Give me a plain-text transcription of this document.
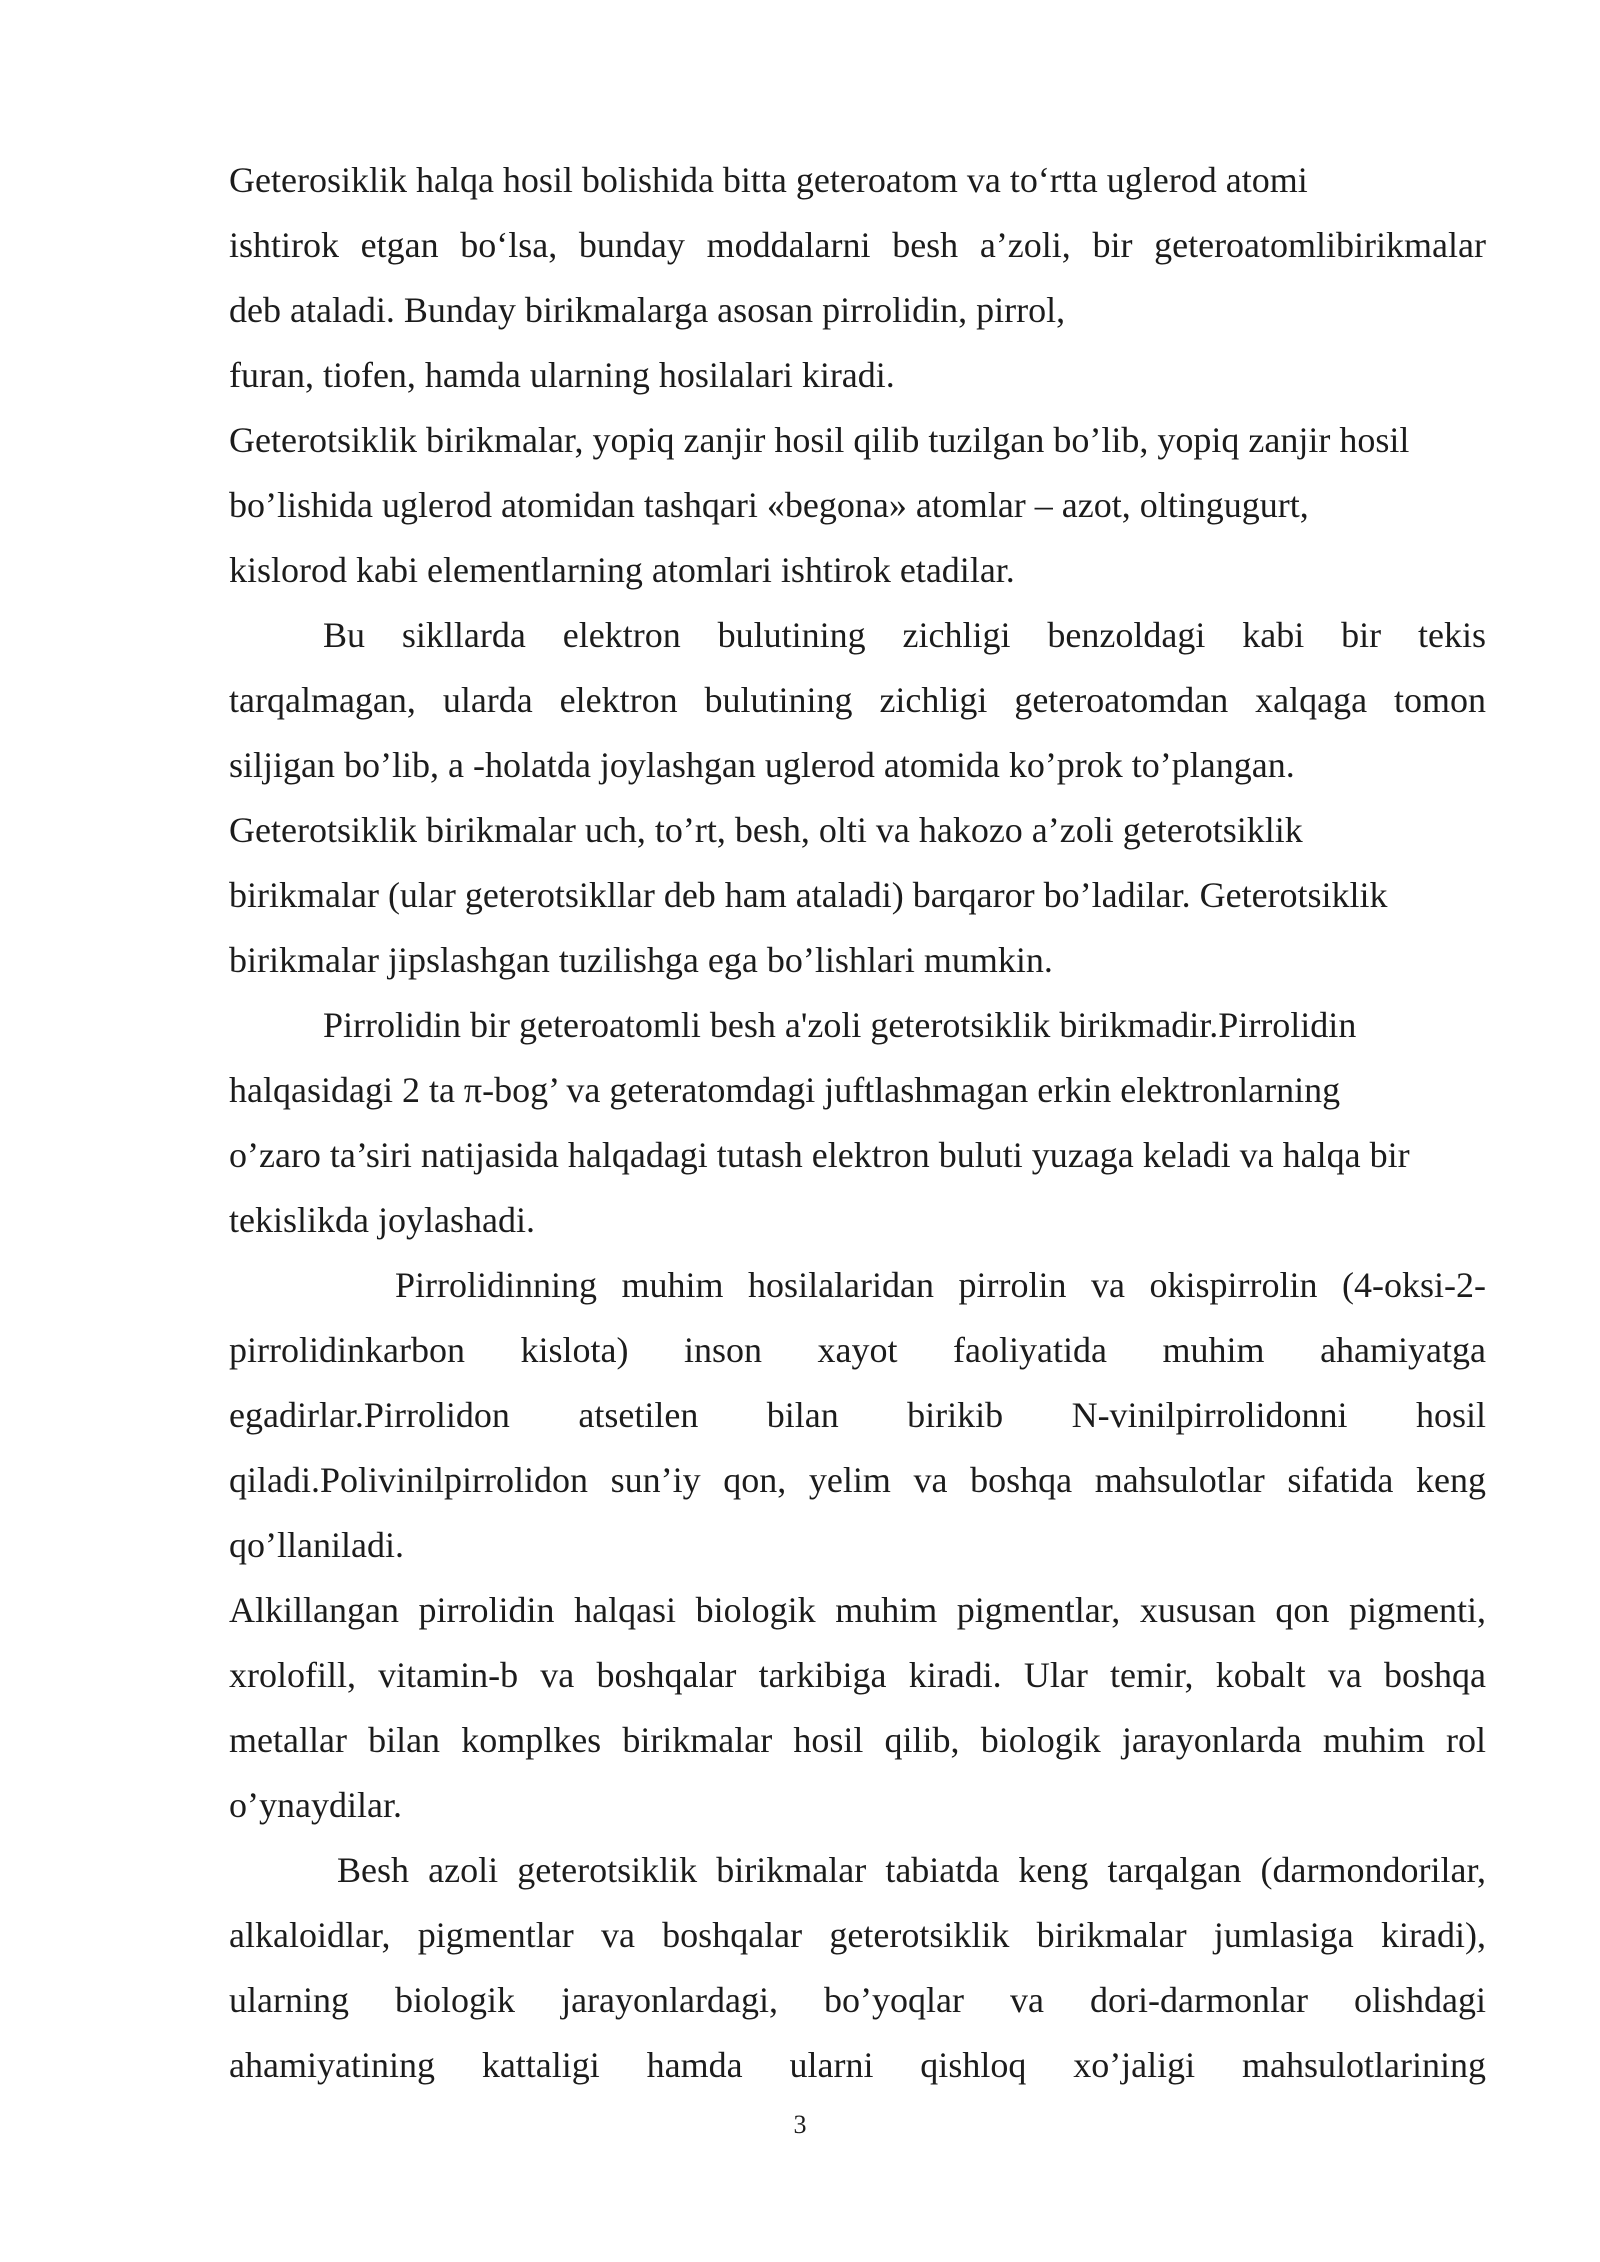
Geterosiklik halqa hosil bolishida bitta geteroatom va to‘rtta uglerod atomi
ishtirok etgan bo‘lsa, bunday moddalarni besh a’zoli, bir geteroatomlibirikmalar
deb ataladi. Bunday birikmalarga asosan pirrolidin, pirrol,
furan, tiofen, hamda ularning hosilalari kiradi.

Geterotsiklik birikmalar, yopiq zanjir hosil qilib tuzilgan bo’lib, yopiq zanjir hosil
bo’lishida uglerod atomidan tashqari «begona» atomlar – azot, oltingugurt,
kislorod kabi elementlarning atomlari ishtirok etadilar.

Bu sikllarda elektron bulutining zichligi benzoldagi kabi bir tekis
tarqalmagan, ularda elektron bulutining zichligi geteroatomdan xalqaga tomon
siljigan bo’lib, a -holatda joylashgan uglerod atomida ko’prok to’plangan.

Geterotsiklik birikmalar uch, to’rt, besh, olti va hakozo a’zoli geterotsiklik
birikmalar (ular geterotsikllar deb ham ataladi) barqaror bo’ladilar. Geterotsiklik
birikmalar jipslashgan tuzilishga ega bo’lishlari mumkin.

Pirrolidin bir geteroatomli besh a'zoli geterotsiklik birikmadir.Pirrolidin
halqasidagi 2 ta π-bog’ va geteratomdagi juftlashmagan erkin elektronlarning
o’zaro ta’siri natijasida halqadagi tutash elektron buluti yuzaga keladi va halqa bir
tekislikda joylashadi.

Pirrolidinning muhim hosilalaridan pirrolin va okispirrolin (4-oksi-2-
pirrolidinkarbon kislota) inson xayot faoliyatida muhim ahamiyatga
egadirlar.Pirrolidon atsetilen bilan birikib N-vinilpirrolidonni hosil
qiladi.Polivinilpirrolidon sun’iy qon, yelim va boshqa mahsulotlar sifatida keng
qo’llaniladi.

Alkillangan pirrolidin halqasi biologik muhim pigmentlar, xususan qon pigmenti,
xrolofill, vitamin-b va boshqalar tarkibiga kiradi. Ular temir, kobalt va boshqa
metallar bilan komplkes birikmalar hosil qilib, biologik jarayonlarda muhim rol
o’ynaydilar.

Besh azoli geterotsiklik birikmalar tabiatda keng tarqalgan (darmondorilar,
alkaloidlar, pigmentlar va boshqalar geterotsiklik birikmalar jumlasiga kiradi),
ularning biologik jarayonlardagi, bo’yoqlar va dori-darmonlar olishdagi
ahamiyatining kattaligi hamda ularni qishloq xo’jaligi mahsulotlarining

3
